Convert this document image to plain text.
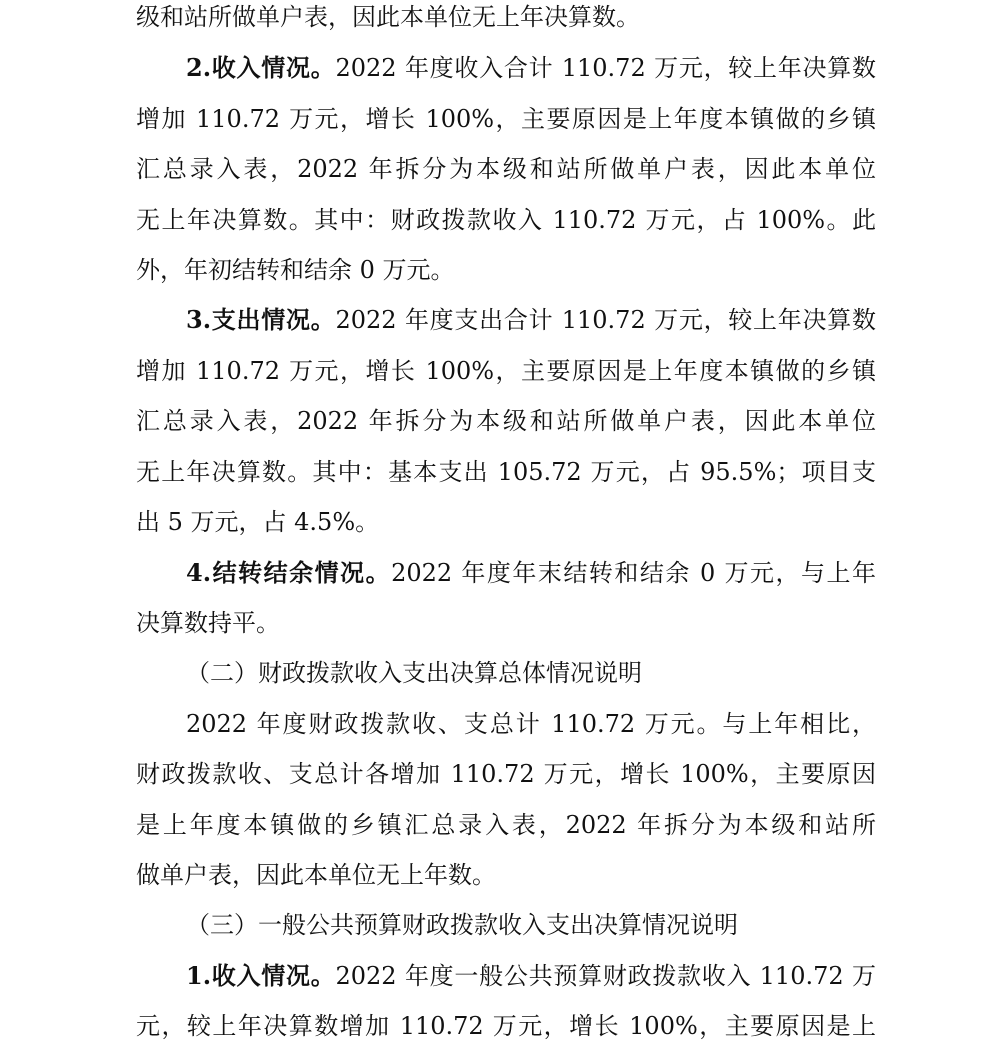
级和站所做单户表，因此本单位无上年决算数。
2.收入情况。2022 年度收入合计 110.72 万元，较上年决算数
增加 110.72 万元，增长 100%，主要原因是上年度本镇做的乡镇
汇总录入表，2022 年拆分为本级和站所做单户表，因此本单位
无上年决算数。其中：财政拨款收入 110.72 万元，占 100%。此
外，年初结转和结余 0 万元。
3.支出情况。2022 年度支出合计 110.72 万元，较上年决算数
增加 110.72 万元，增长 100%，主要原因是上年度本镇做的乡镇
汇总录入表，2022 年拆分为本级和站所做单户表，因此本单位
无上年决算数。其中：基本支出 105.72 万元，占 95.5%；项目支
出 5 万元，占 4.5%。
4.结转结余情况。2022 年度年末结转和结余 0 万元，与上年
决算数持平。
（二）财政拨款收入支出决算总体情况说明
2022 年度财政拨款收、支总计 110.72 万元。与上年相比，
财政拨款收、支总计各增加 110.72 万元，增长 100%，主要原因
是上年度本镇做的乡镇汇总录入表，2022 年拆分为本级和站所
做单户表，因此本单位无上年数。
（三）一般公共预算财政拨款收入支出决算情况说明
1.收入情况。2022 年度一般公共预算财政拨款收入 110.72 万
元，较上年决算数增加 110.72 万元，增长 100%，主要原因是上
